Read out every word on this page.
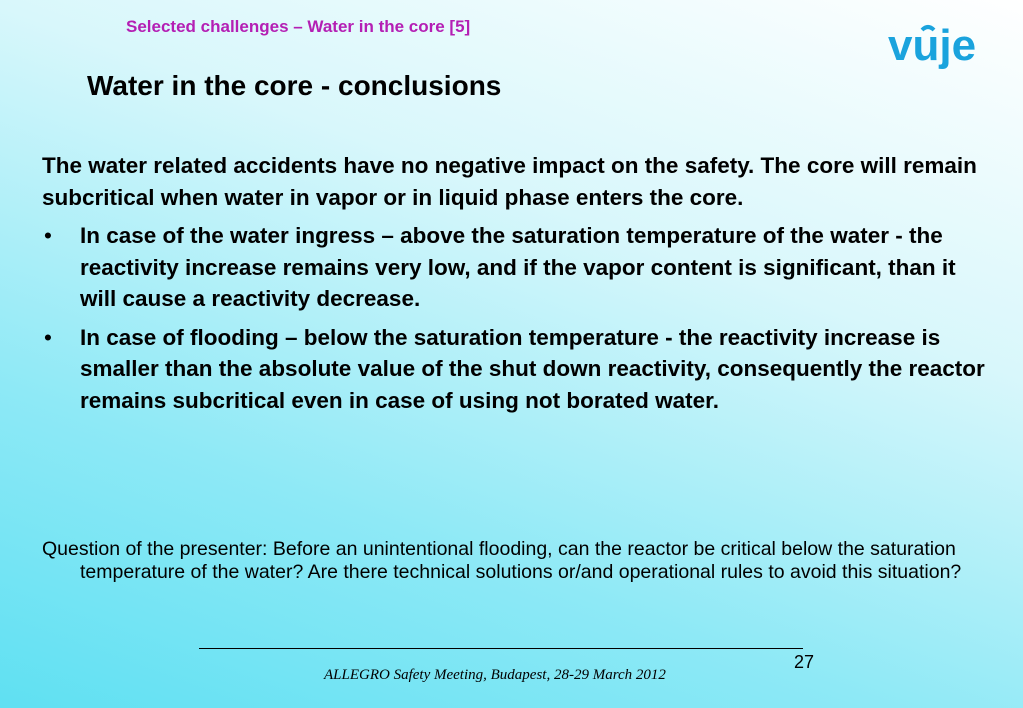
Selected challenges – Water in the core [5]
Water in the core - conclusions
vuje

The water related accidents have no negative impact on the safety. The core will remain subcritical when water in vapor or in liquid phase enters the core.

• In case of the water ingress – above the saturation temperature of the water - the reactivity increase remains very low, and if the vapor content is significant, than it will cause a reactivity decrease.
• In case of flooding – below the saturation temperature - the reactivity increase is smaller than the absolute value of the shut down reactivity, consequently the reactor remains subcritical even in case of using not borated water.
Question of the presenter: Before an unintentional flooding, can the reactor be critical below the saturation temperature of the water? Are there technical solutions or/and operational rules to avoid this situation?
27
ALLEGRO Safety Meeting, Budapest, 28-29 March 2012
